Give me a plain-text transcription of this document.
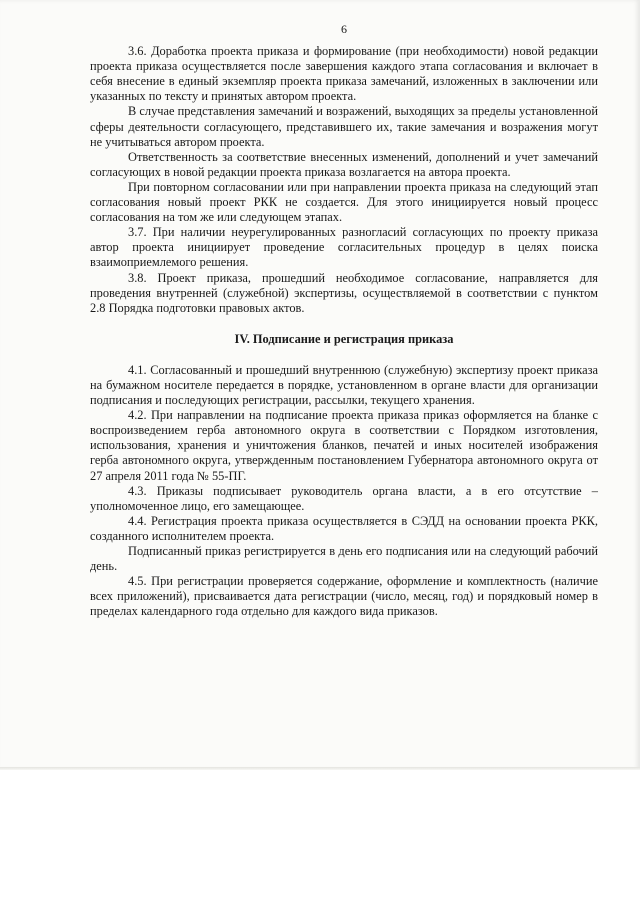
6

3.6. Доработка проекта приказа и формирование (при необходимости) новой редакции проекта приказа осуществляется после завершения каждого этапа согласования и включает в себя внесение в единый экземпляр проекта приказа замечаний, изложенных в заключении или указанных по тексту и принятых автором проекта.

В случае представления замечаний и возражений, выходящих за пределы установленной сферы деятельности согласующего, представившего их, такие замечания и возражения могут не учитываться автором проекта.

Ответственность за соответствие внесенных изменений, дополнений и учет замечаний согласующих в новой редакции проекта приказа возлагается на автора проекта.

При повторном согласовании или при направлении проекта приказа на следующий этап согласования новый проект РКК не создается. Для этого инициируется новый процесс согласования на том же или следующем этапах.

3.7. При наличии неурегулированных разногласий согласующих по проекту приказа автор проекта инициирует проведение согласительных процедур в целях поиска взаимоприемлемого решения.

3.8. Проект приказа, прошедший необходимое согласование, направляется для проведения внутренней (служебной) экспертизы, осуществляемой в соответствии с пунктом 2.8 Порядка подготовки правовых актов.

IV. Подписание и регистрация приказа

4.1. Согласованный и прошедший внутреннюю (служебную) экспертизу проект приказа на бумажном носителе передается в порядке, установленном в органе власти для организации подписания и последующих регистрации, рассылки, текущего хранения.

4.2. При направлении на подписание проекта приказа приказ оформляется на бланке с воспроизведением герба автономного округа в соответствии с Порядком изготовления, использования, хранения и уничтожения бланков, печатей и иных носителей изображения герба автономного округа, утвержденным постановлением Губернатора автономного округа от 27 апреля 2011 года № 55-ПГ.

4.3. Приказы подписывает руководитель органа власти, а в его отсутствие – уполномоченное лицо, его замещающее.

4.4. Регистрация проекта приказа осуществляется в СЭДД на основании проекта РКК, созданного исполнителем проекта.

Подписанный приказ регистрируется в день его подписания или на следующий рабочий день.

4.5. При регистрации проверяется содержание, оформление и комплектность (наличие всех приложений), присваивается дата регистрации (число, месяц, год) и порядковый номер в пределах календарного года отдельно для каждого вида приказов.
